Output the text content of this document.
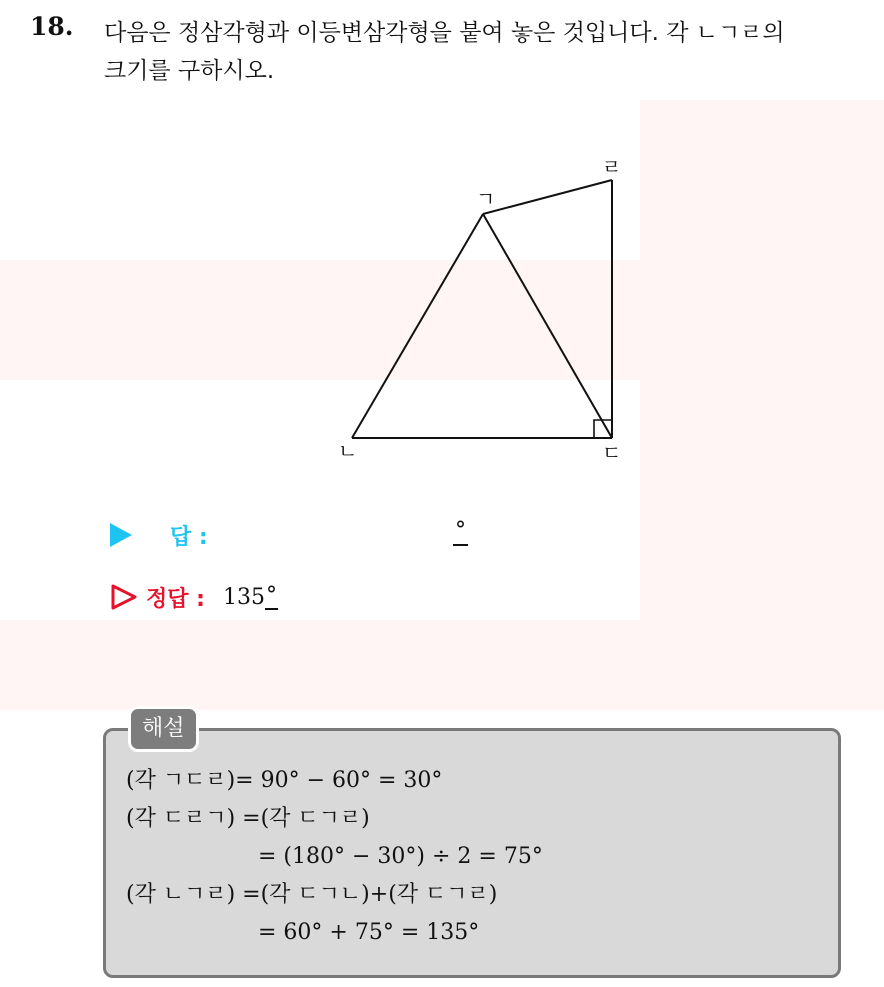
18. 다음은 정삼각형과 이등변삼각형을 붙여 놓은 것입니다. 각 ㄴㄱㄹ의
크기를 구하시오.
ㄱ
ㄴ	ㄷ
ㄹ
답 :	°
정답 : 135 °
해설
(각 ㄱㄷㄹ)= 90° − 60° = 30°
(각 ㄷㄹㄱ) =(각 ㄷㄱㄹ)
= (180° − 30°) ÷ 2 = 75°
(각 ㄴㄱㄹ) =(각 ㄷㄱㄴ)+(각 ㄷㄱㄹ)
= 60° + 75° = 135°
